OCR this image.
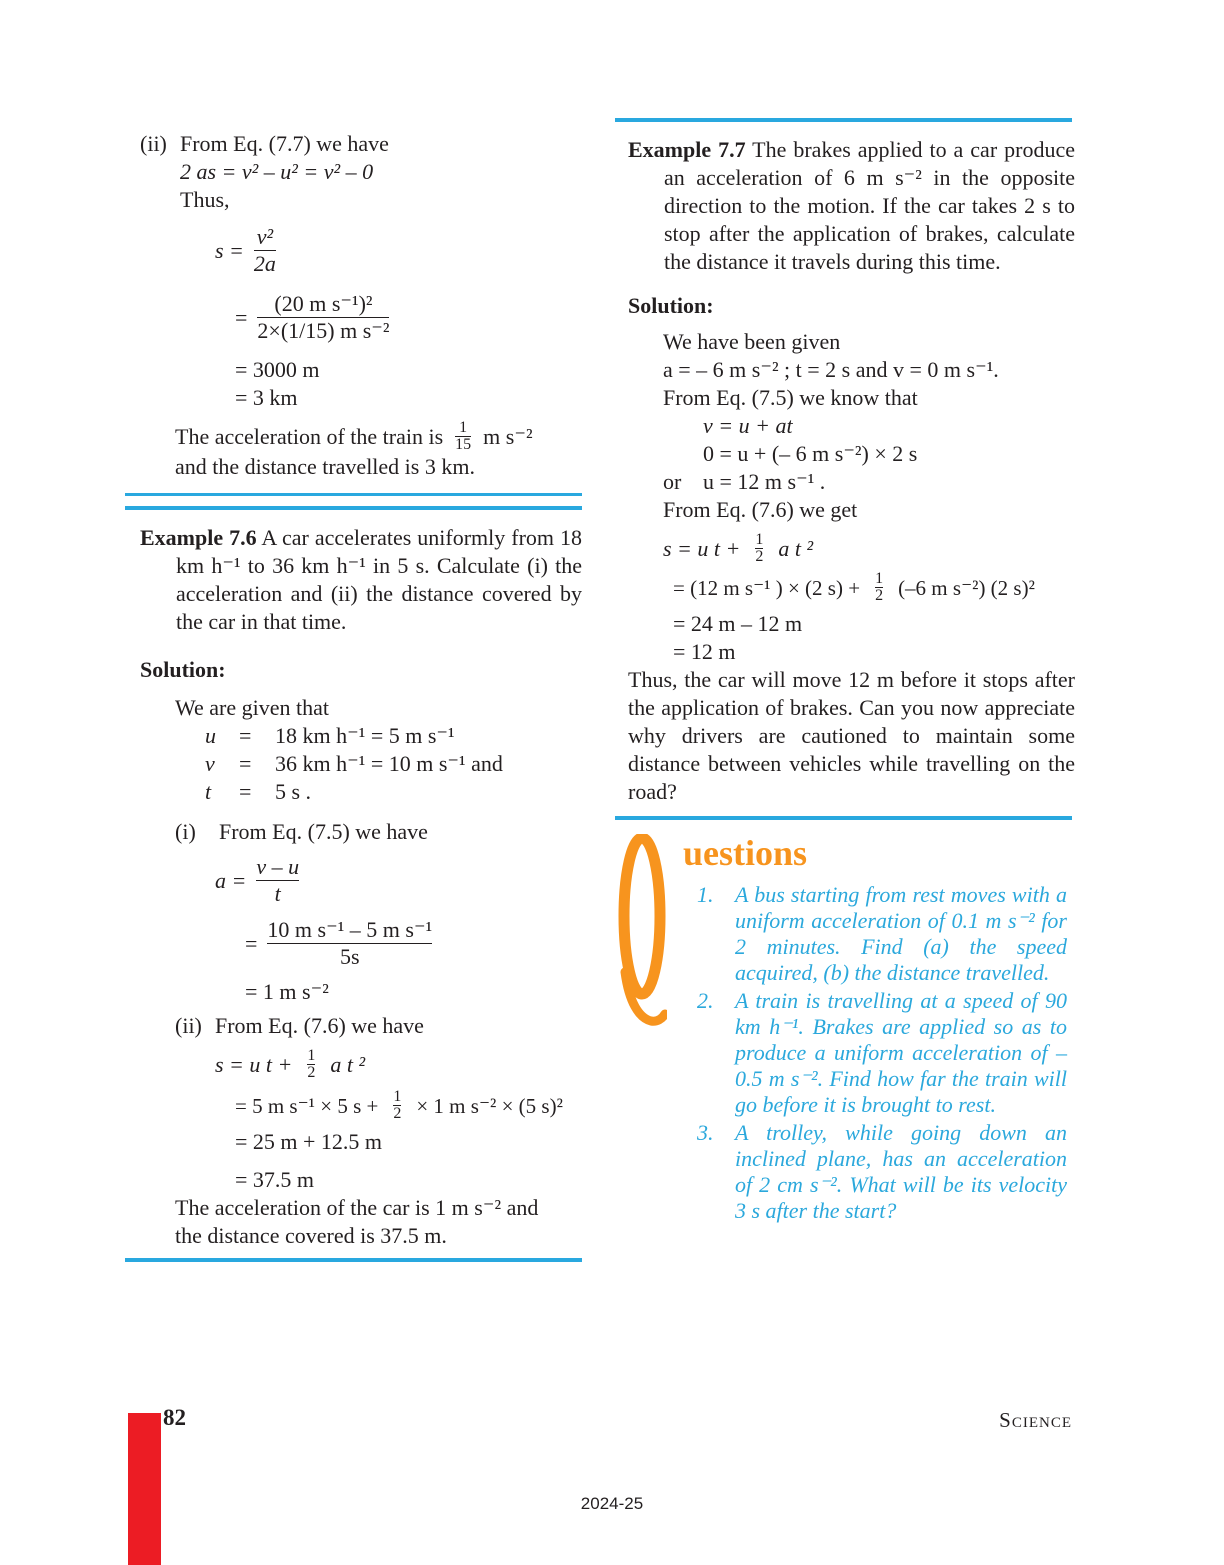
(ii) From Eq. (7.7) we have
2 as = v² – u² = v² – 0
Thus,
$s = \frac{\text{v²}}{2a}$
= $\frac{\text{(20 m s⁻¹)²}}{\text{2×(1/15) m s⁻²}}$
= 3000 m
= 3 km
The acceleration of the train is $\frac{1}{15}$ m s⁻²
and the distance travelled is 3 km.

Example 7.6 A car accelerates uniformly from 18 km h⁻¹ to 36 km h⁻¹ in 5 s. Calculate (i) the acceleration and (ii) the distance covered by the car in that time.

Solution:
We are given that
u	=	18 km h⁻¹ = 5 m s⁻¹
v	=	36 km h⁻¹ = 10 m s⁻¹ and
t	=	5 s .
(i)	From Eq. (7.5) we have
$a = \frac{v - u}{t}$
= $\frac{\text{10 m s⁻¹ – 5 m s⁻¹}}{5s}$
= 1 m s⁻²
(ii) From Eq. (7.6) we have
s = u $t + \frac{1}{2}$ a t ²
= 5 m s⁻¹ × 5 $s + \frac{1}{2} \times 1$ m s⁻² × (5 s)²
= 25 m + 12.5 m
= 37.5 m
The acceleration of the car is 1 m s⁻² and
the distance covered is 37.5 m.

Example 7.7 The brakes applied to a car produce an acceleration of 6 m s⁻² in the opposite direction to the motion. If the car takes 2 s to stop after the application of brakes, calculate the distance it travels during this time.

Solution:
We have been given
a = – 6 m s⁻² ; t = 2 s and v = 0 m s⁻¹.
From Eq. (7.5) we know that
v = u + at
0 = u + (– 6 m s⁻²) × 2 s
or u = 12 m s⁻¹ .
From Eq. (7.6) we get
s = u $t + \frac{1}{2}$ a t ²
= (12 m s⁻¹ ) × (2 $s) + \frac{1}{2} (-6$ m s⁻²) (2 s)²
= 24 m – 12 m
= 12 m

Thus, the car will move 12 m before it stops after the application of brakes. Can you now appreciate why drivers are cautioned to maintain some distance between vehicles while travelling on the road?

uestions
1. A bus starting from rest moves with a uniform acceleration of 0.1 m s⁻² for 2 minutes. Find (a) the speed acquired, (b) the distance travelled.
2. A train is travelling at a speed of 90 km h⁻¹. Brakes are applied so as to produce a uniform acceleration of – 0.5 m s⁻². Find how far the train will go before it is brought to rest.
3. A trolley, while going down an inclined plane, has an acceleration of 2 cm s⁻². What will be its velocity 3 s after the start?
82	Science
2024-25
